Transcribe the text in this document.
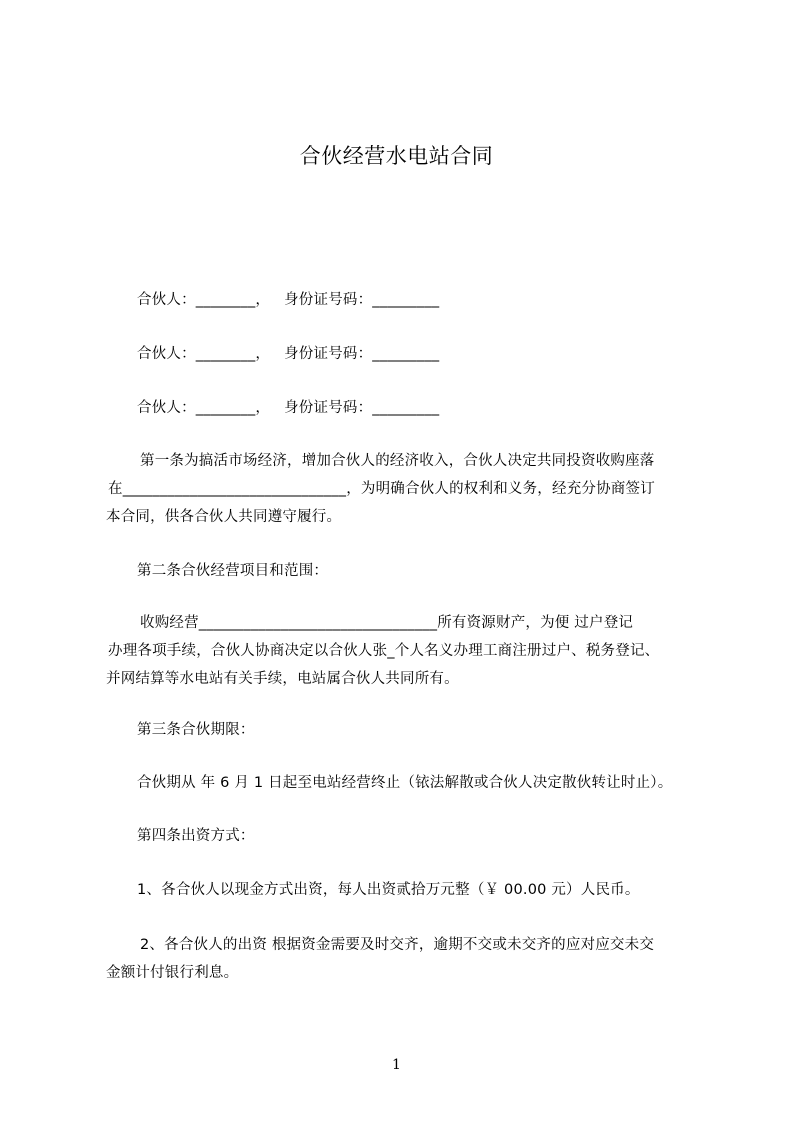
合伙经营水电站合同
合伙人：________， 身份证号码：_________
合伙人：________， 身份证号码：_________
合伙人：________， 身份证号码：_________
第一条为搞活市场经济，增加合伙人的经济收入，合伙人决定共同投资收购座落
在______________________________，为明确合伙人的权利和义务，经充分协商签订
本合同，供各合伙人共同遵守履行。
第二条合伙经营项目和范围：
收购经营________________________________所有资源财产，为便 过户登记
办理各项手续，合伙人协商决定以合伙人张_个人名义办理工商注册过户、税务登记、
并网结算等水电站有关手续，电站属合伙人共同所有。
第三条合伙期限：
合伙期从 年 6 月 1 日起至电站经营终止（铱法解散或合伙人决定散伙转让时止）。
第四条出资方式：
1、各合伙人以现金方式出资，每人出资贰拾万元整（￥ 00.00 元）人民币。
2、各合伙人的出资 根据资金需要及时交齐，逾期不交或未交齐的应对应交未交
金额计付银行利息。
1
